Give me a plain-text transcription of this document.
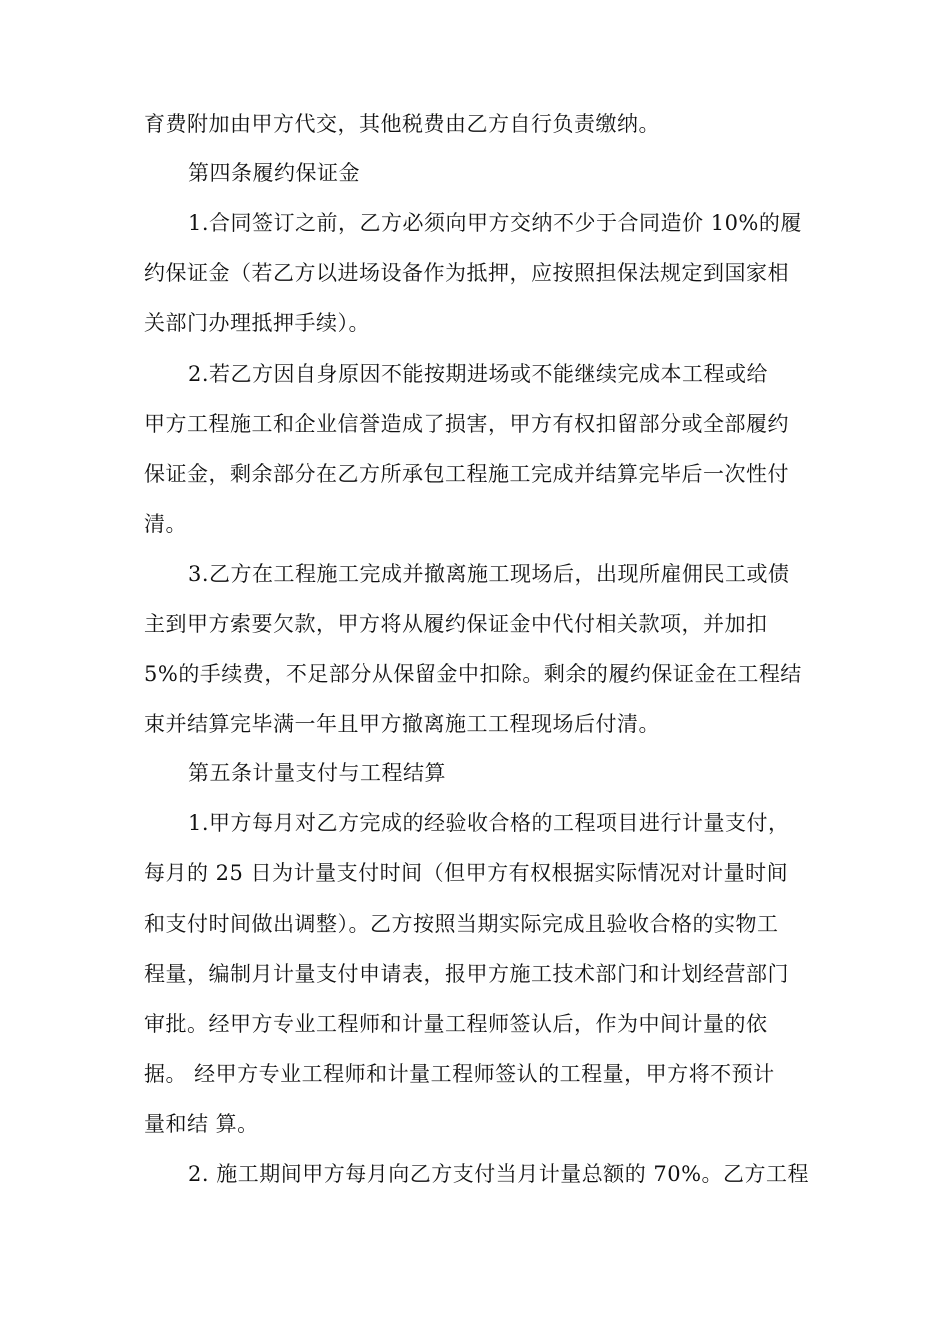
育费附加由甲方代交，其他税费由乙方自行负责缴纳。
第四条履约保证金
1.合同签订之前，乙方必须向甲方交纳不少于合同造价 10%的履
约保证金（若乙方以进场设备作为抵押，应按照担保法规定到国家相
关部门办理抵押手续）。
2.若乙方因自身原因不能按期进场或不能继续完成本工程或给
甲方工程施工和企业信誉造成了损害，甲方有权扣留部分或全部履约
保证金，剩余部分在乙方所承包工程施工完成并结算完毕后一次性付
清。
3.乙方在工程施工完成并撤离施工现场后，出现所雇佣民工或债
主到甲方索要欠款，甲方将从履约保证金中代付相关款项，并加扣
5%的手续费，不足部分从保留金中扣除。剩余的履约保证金在工程结
束并结算完毕满一年且甲方撤离施工工程现场后付清。
第五条计量支付与工程结算
1.甲方每月对乙方完成的经验收合格的工程项目进行计量支付，
每月的 25 日为计量支付时间（但甲方有权根据实际情况对计量时间
和支付时间做出调整）。乙方按照当期实际完成且验收合格的实物工
程量，编制月计量支付申请表，报甲方施工技术部门和计划经营部门
审批。经甲方专业工程师和计量工程师签认后，作为中间计量的依
据。 经甲方专业工程师和计量工程师签认的工程量，甲方将不预计
量和结 算。
2. 施工期间甲方每月向乙方支付当月计量总额的 70%。乙方工程
